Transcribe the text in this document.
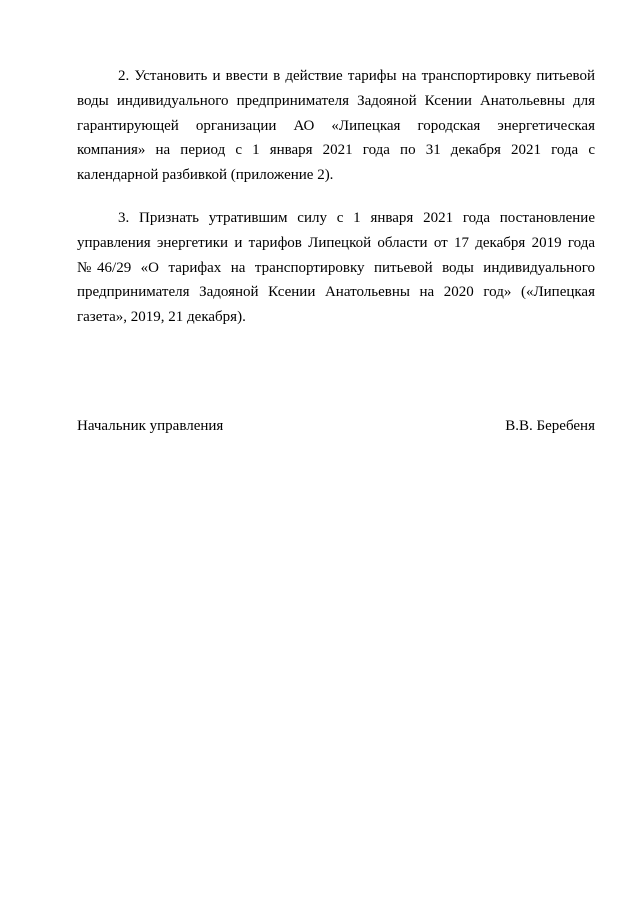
2. Установить и ввести в действие тарифы на транспортировку питьевой воды индивидуального предпринимателя Задояной Ксении Анатольевны для гарантирующей организации АО «Липецкая городская энергетическая компания» на период с 1 января 2021 года по 31 декабря 2021 года с календарной разбивкой (приложение 2).

3. Признать утратившим силу с 1 января 2021 года постановление управления энергетики и тарифов Липецкой области от 17 декабря 2019 года №46/29 «О тарифах на транспортировку питьевой воды индивидуального предпринимателя Задояной Ксении Анатольевны на 2020 год» («Липецкая газета», 2019, 21 декабря).

Начальник управления	В.В. Беребеня
